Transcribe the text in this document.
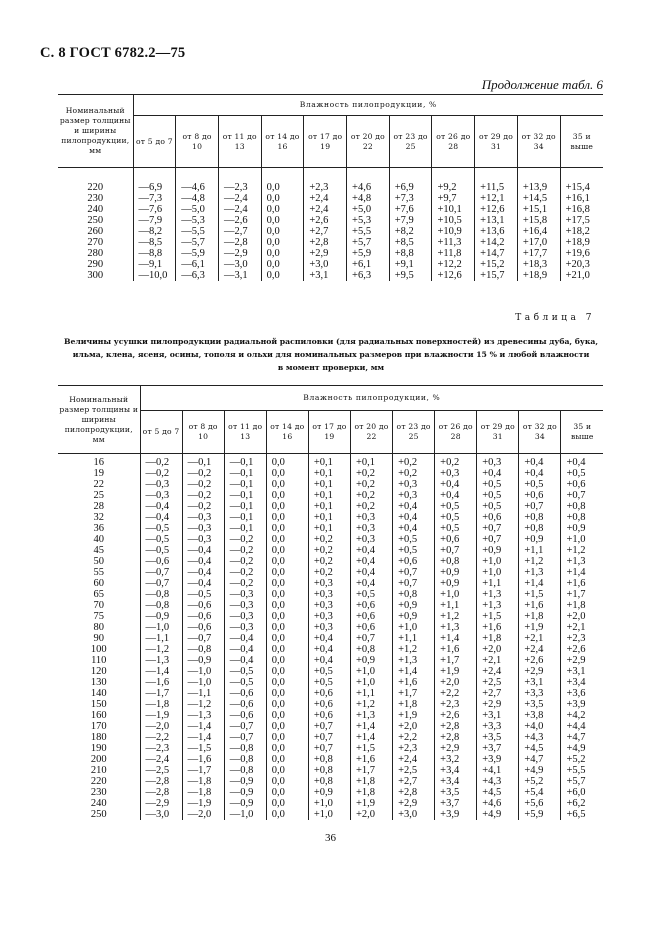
С. 8 ГОСТ 6782.2—75
Продолжение табл. 6
Номинальный размер толщины и ширины пилопродукции, мм	Влажность пилопродукции, %										
	от 5 до 7	от 8 до 10	от 11 до 13	от 14 до 16	от 17 до 19	от 20 до 22	от 23 до 25	от 26 до 28	от 29 до 31	от 32 до 34	35 и выше

220	—6,9	—4,6	—2,3	0,0	+2,3	+4,6	+6,9	+9,2	+11,5	+13,9	+15,4
230	—7,3	—4,8	—2,4	0,0	+2,4	+4,8	+7,3	+9,7	+12,1	+14,5	+16,1
240	—7,6	—5,0	—2,4	0,0	+2,4	+5,0	+7,6	+10,1	+12,6	+15,1	+16,8
250	—7,9	—5,3	—2,6	0,0	+2,6	+5,3	+7,9	+10,5	+13,1	+15,8	+17,5
260	—8,2	—5,5	—2,7	0,0	+2,7	+5,5	+8,2	+10,9	+13,6	+16,4	+18,2
270	—8,5	—5,7	—2,8	0,0	+2,8	+5,7	+8,5	+11,3	+14,2	+17,0	+18,9
280	—8,8	—5,9	—2,9	0,0	+2,9	+5,9	+8,8	+11,8	+14,7	+17,7	+19,6
290	—9,1	—6,1	—3,0	0,0	+3,0	+6,1	+9,1	+12,2	+15,2	+18,3	+20,3
300	—10,0	—6,3	—3,1	0,0	+3,1	+6,3	+9,5	+12,6	+15,7	+18,9	+21,0
Таблица 7
Величины усушки пилопродукции радиальной распиловки (для радиальных поверхностей) из древесины дуба, бука,
ильма, клена, ясеня, осины, тополя и ольхи для номинальных размеров при влажности 15 % и любой влажности
в момент проверки, мм
Номинальный размер толщины и ширины пилопродукции, мм	Влажность пилопродукции, %										
	от 5 до 7	от 8 до 10	от 11 до 13	от 14 до 16	от 17 до 19	от 20 до 22	от 23 до 25	от 26 до 28	от 29 до 31	от 32 до 34	35 и выше

16	—0,2	—0,1	—0,1	0,0	+0,1	+0,1	+0,2	+0,2	+0,3	+0,4	+0,4
19	—0,2	—0,2	—0,1	0,0	+0,1	+0,2	+0,2	+0,3	+0,4	+0,4	+0,5
22	—0,3	—0,2	—0,1	0,0	+0,1	+0,2	+0,3	+0,4	+0,5	+0,5	+0,6
25	—0,3	—0,2	—0,1	0,0	+0,1	+0,2	+0,3	+0,4	+0,5	+0,6	+0,7
28	—0,4	—0,2	—0,1	0,0	+0,1	+0,2	+0,4	+0,5	+0,5	+0,7	+0,8
32	—0,4	—0,3	—0,1	0,0	+0,1	+0,3	+0,4	+0,5	+0,6	+0,8	+0,8
36	—0,5	—0,3	—0,1	0,0	+0,1	+0,3	+0,4	+0,5	+0,7	+0,8	+0,9
40	—0,5	—0,3	—0,2	0,0	+0,2	+0,3	+0,5	+0,6	+0,7	+0,9	+1,0
45	—0,5	—0,4	—0,2	0,0	+0,2	+0,4	+0,5	+0,7	+0,9	+1,1	+1,2
50	—0,6	—0,4	—0,2	0,0	+0,2	+0,4	+0,6	+0,8	+1,0	+1,2	+1,3
55	—0,7	—0,4	—0,2	0,0	+0,2	+0,4	+0,7	+0,9	+1,0	+1,3	+1,4
60	—0,7	—0,4	—0,2	0,0	+0,3	+0,4	+0,7	+0,9	+1,1	+1,4	+1,6
65	—0,8	—0,5	—0,3	0,0	+0,3	+0,5	+0,8	+1,0	+1,3	+1,5	+1,7
70	—0,8	—0,6	—0,3	0,0	+0,3	+0,6	+0,9	+1,1	+1,3	+1,6	+1,8
75	—0,9	—0,6	—0,3	0,0	+0,3	+0,6	+0,9	+1,2	+1,5	+1,8	+2,0
80	—1,0	—0,6	—0,3	0,0	+0,3	+0,6	+1,0	+1,3	+1,6	+1,9	+2,1
90	—1,1	—0,7	—0,4	0,0	+0,4	+0,7	+1,1	+1,4	+1,8	+2,1	+2,3
100	—1,2	—0,8	—0,4	0,0	+0,4	+0,8	+1,2	+1,6	+2,0	+2,4	+2,6
110	—1,3	—0,9	—0,4	0,0	+0,4	+0,9	+1,3	+1,7	+2,1	+2,6	+2,9
120	—1,4	—1,0	—0,5	0,0	+0,5	+1,0	+1,4	+1,9	+2,4	+2,9	+3,1
130	—1,6	—1,0	—0,5	0,0	+0,5	+1,0	+1,6	+2,0	+2,5	+3,1	+3,4
140	—1,7	—1,1	—0,6	0,0	+0,6	+1,1	+1,7	+2,2	+2,7	+3,3	+3,6
150	—1,8	—1,2	—0,6	0,0	+0,6	+1,2	+1,8	+2,3	+2,9	+3,5	+3,9
160	—1,9	—1,3	—0,6	0,0	+0,6	+1,3	+1,9	+2,6	+3,1	+3,8	+4,2
170	—2,0	—1,4	—0,7	0,0	+0,7	+1,4	+2,0	+2,8	+3,3	+4,0	+4,4
180	—2,2	—1,4	—0,7	0,0	+0,7	+1,4	+2,2	+2,8	+3,5	+4,3	+4,7
190	—2,3	—1,5	—0,8	0,0	+0,7	+1,5	+2,3	+2,9	+3,7	+4,5	+4,9
200	—2,4	—1,6	—0,8	0,0	+0,8	+1,6	+2,4	+3,2	+3,9	+4,7	+5,2
210	—2,5	—1,7	—0,8	0,0	+0,8	+1,7	+2,5	+3,4	+4,1	+4,9	+5,5
220	—2,8	—1,8	—0,9	0,0	+0,8	+1,8	+2,7	+3,4	+4,3	+5,2	+5,7
230	—2,8	—1,8	—0,9	0,0	+0,9	+1,8	+2,8	+3,5	+4,5	+5,4	+6,0
240	—2,9	—1,9	—0,9	0,0	+1,0	+1,9	+2,9	+3,7	+4,6	+5,6	+6,2
250	—3,0	—2,0	—1,0	0,0	+1,0	+2,0	+3,0	+3,9	+4,9	+5,9	+6,5
36
